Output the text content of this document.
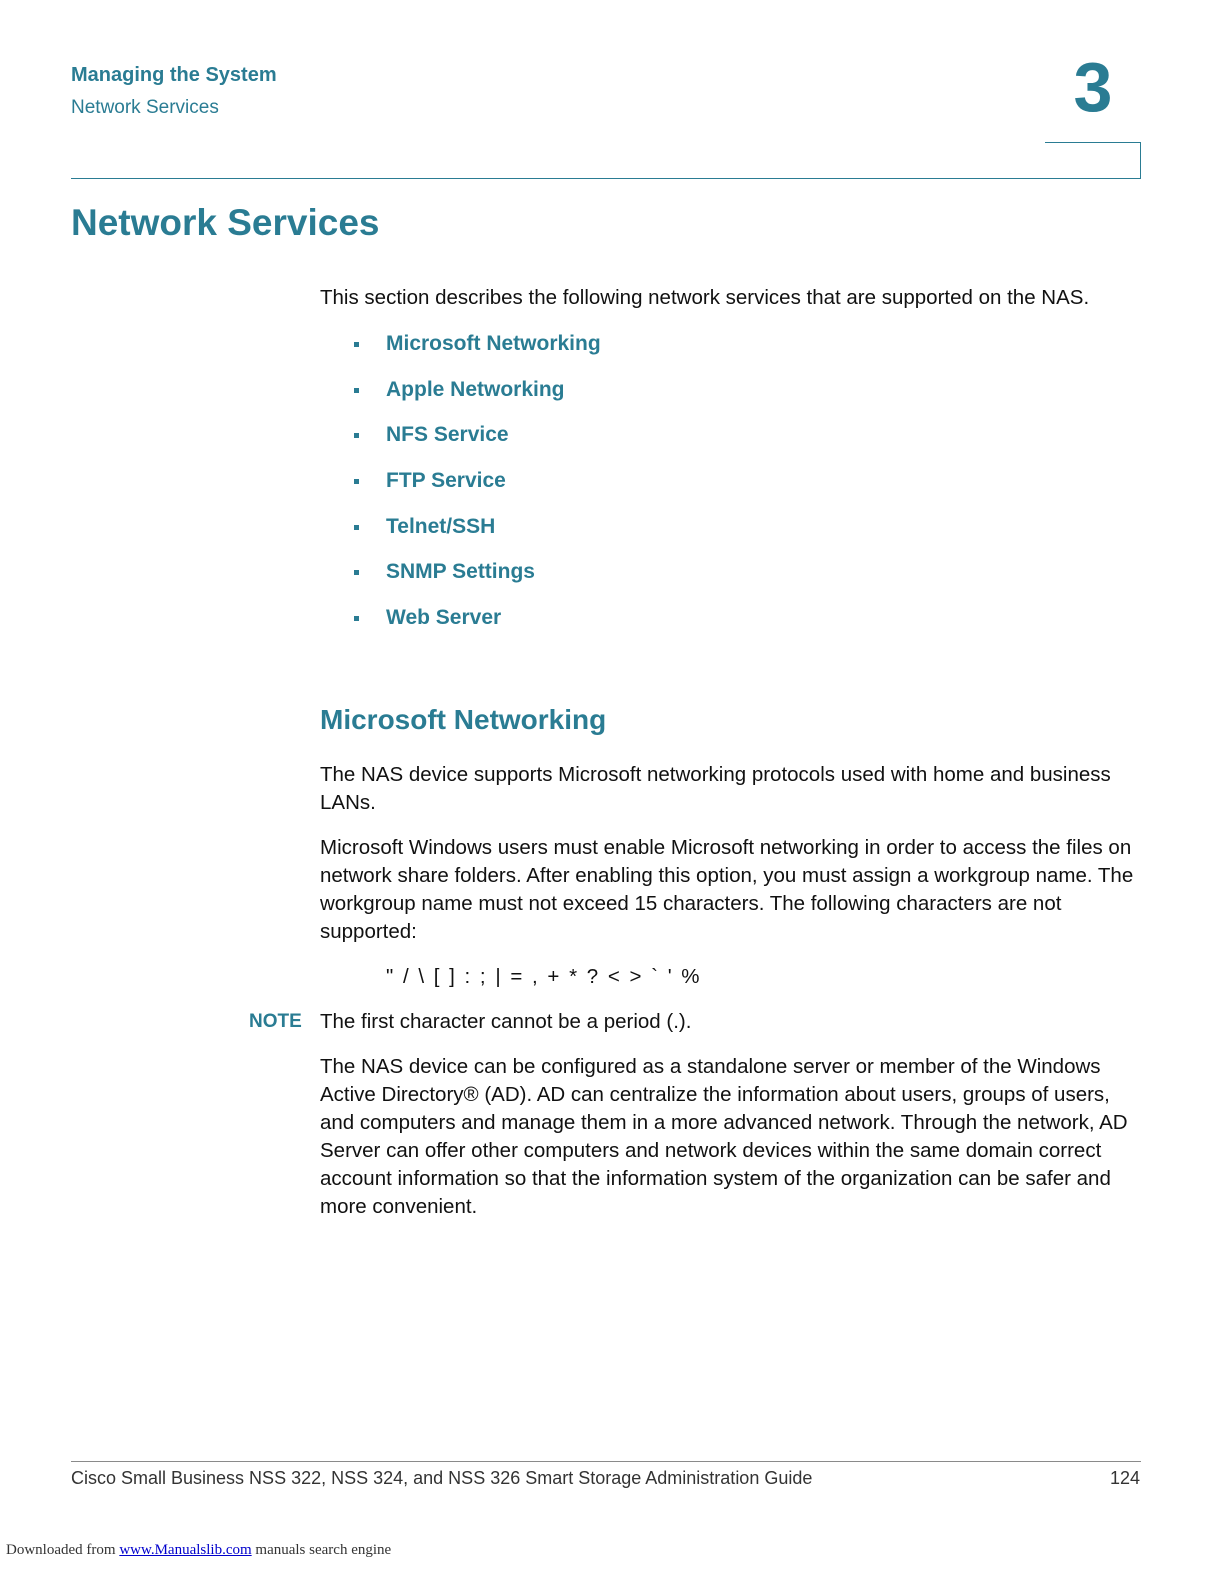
Managing the System
Network Services	3
Network Services

This section describes the following network services that are supported on the NAS.

Microsoft Networking
Apple Networking
NFS Service
FTP Service
Telnet/SSH
SNMP Settings
Web Server
Microsoft Networking

The NAS device supports Microsoft networking protocols used with home and business LANs.

Microsoft Windows users must enable Microsoft networking in order to access the files on network share folders. After enabling this option, you must assign a workgroup name. The workgroup name must not exceed 15 characters. The following characters are not supported:

" / \ [ ] : ; | = , + * ? < > ` ' %
NOTE The first character cannot be a period (.).

The NAS device can be configured as a standalone server or member of the Windows Active Directory® (AD). AD can centralize the information about users, groups of users, and computers and manage them in a more advanced network. Through the network, AD Server can offer other computers and network devices within the same domain correct account information so that the information system of the organization can be safer and more convenient.

Cisco Small Business NSS 322, NSS 324, and NSS 326 Smart Storage Administration Guide	124
Downloaded from www.Manualslib.com manuals search engine
